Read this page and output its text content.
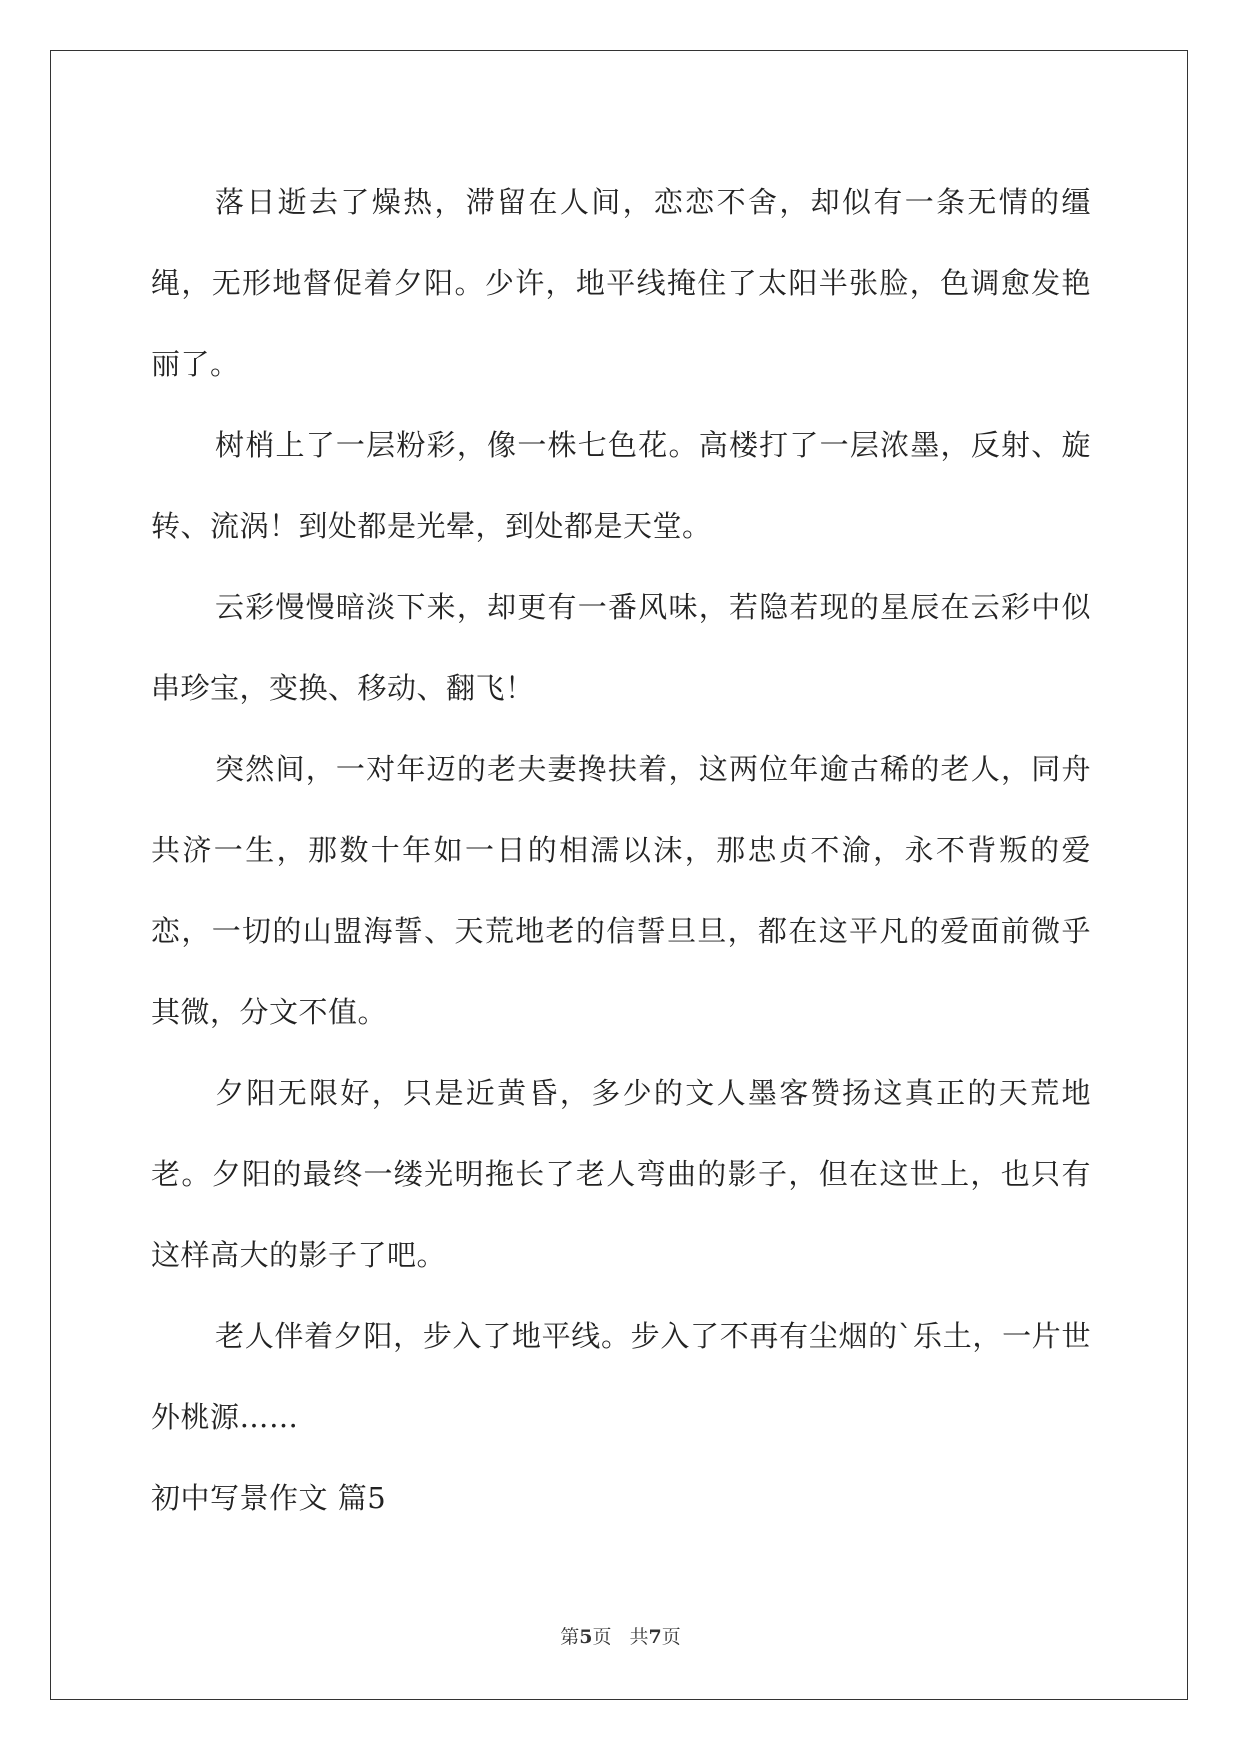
落日逝去了燥热，滞留在人间，恋恋不舍，却似有一条无情的缰绳，无形地督促着夕阳。少许，地平线掩住了太阳半张脸，色调愈发艳丽了。

树梢上了一层粉彩，像一株七色花。高楼打了一层浓墨，反射、旋转、流涡！到处都是光晕，到处都是天堂。

云彩慢慢暗淡下来，却更有一番风味，若隐若现的星辰在云彩中似串珍宝，变换、移动、翻飞！

突然间，一对年迈的老夫妻搀扶着，这两位年逾古稀的老人，同舟共济一生，那数十年如一日的相濡以沫，那忠贞不渝，永不背叛的爱恋，一切的山盟海誓、天荒地老的信誓旦旦，都在这平凡的爱面前微乎其微，分文不值。

夕阳无限好，只是近黄昏，多少的文人墨客赞扬这真正的天荒地老。夕阳的最终一缕光明拖长了老人弯曲的影子，但在这世上，也只有这样高大的影子了吧。

老人伴着夕阳，步入了地平线。步入了不再有尘烟的`乐土，一片世外桃源……

初中写景作文 篇5

第5页 共7页
